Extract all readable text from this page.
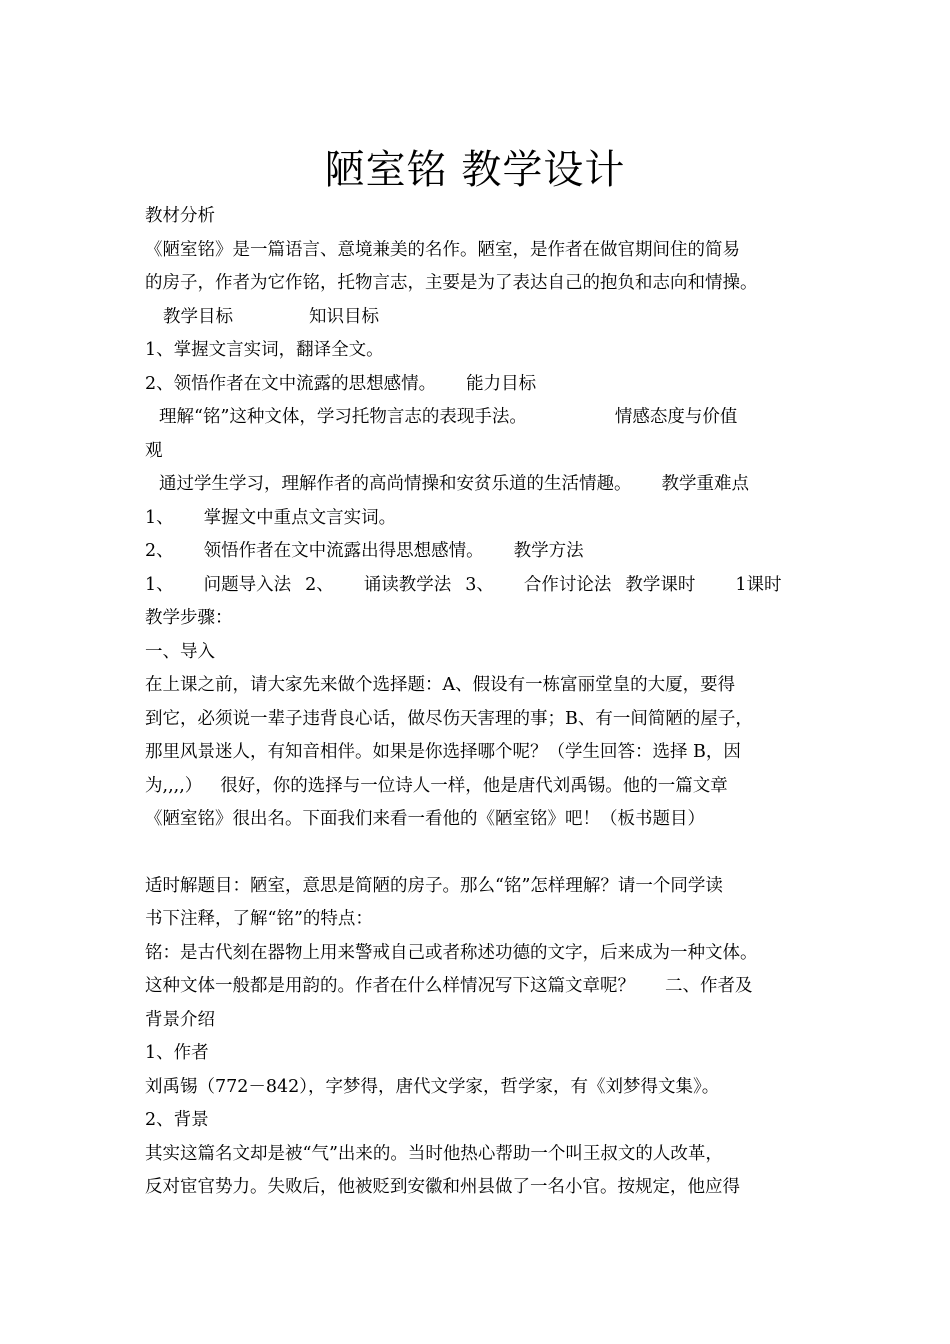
陋室铭 教学设计
教材分析
《陋室铭》是一篇语言、意境兼美的名作。陋室，是作者在做官期间住的简易
的房子，作者为它作铭，托物言志，主要是为了表达自己的抱负和志向和情操。
教学目标	知识目标
1、掌握文言实词，翻译全文。
2、领悟作者在文中流露的思想感情。 能力目标
理解“铭”这种文体，学习托物言志的表现手法。	情感态度与价值
观
通过学生学习，理解作者的高尚情操和安贫乐道的生活情趣。 教学重难点
1、 掌握文中重点文言实词。
2、 领悟作者在文中流露出得思想感情。 教学方法
1、 问题导入法 2、 诵读教学法 3、 合作讨论法 教学课时 1课时
教学步骤：
一、导入
在上课之前，请大家先来做个选择题：A、假设有一栋富丽堂皇的大厦，要得
到它，必须说一辈子违背良心话，做尽伤天害理的事；B、有一间简陋的屋子，
那里风景迷人，有知音相伴。如果是你选择哪个呢？（学生回答：选择 B，因
为,,,,） 很好，你的选择与一位诗人一样，他是唐代刘禹锡。他的一篇文章
《陋室铭》很出名。下面我们来看一看他的《陋室铭》吧！（板书题目）
适时解题目：陋室，意思是简陋的房子。那么“铭”怎样理解？请一个同学读
书下注释，了解“铭”的特点：
铭：是古代刻在器物上用来警戒自己或者称述功德的文字，后来成为一种文体。
这种文体一般都是用韵的。作者在什么样情况写下这篇文章呢？ 二、作者及
背景介绍
1、作者
刘禹锡（772－842），字梦得，唐代文学家，哲学家，有《刘梦得文集》。
2、背景
其实这篇名文却是被“气”出来的。当时他热心帮助一个叫王叔文的人改革，
反对宦官势力。失败后，他被贬到安徽和州县做了一名小官。按规定，他应得
